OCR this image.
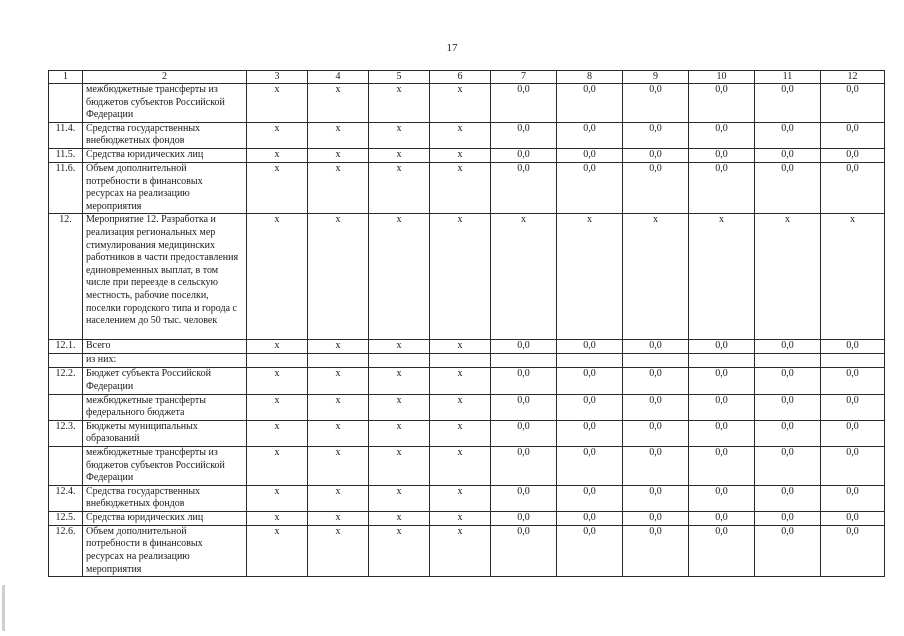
17
1	2	3	4	5	6	7	8	9	10	11	12
	межбюджетные трансферты из бюджетов субъектов Российской Федерации	x	x	x	x	0,0	0,0	0,0	0,0	0,0	0,0
11.4.	Средства государственных внебюджетных фондов	x	x	x	x	0,0	0,0	0,0	0,0	0,0	0,0
11.5.	Средства юридических лиц	x	x	x	x	0,0	0,0	0,0	0,0	0,0	0,0
11.6.	Объем дополнительной потребности в финансовых ресурсах на реализацию мероприятия	x	x	x	x	0,0	0,0	0,0	0,0	0,0	0,0
12.	Мероприятие 12. Разработка и реализация региональных мер стимулирования медицинских работников в части предоставления единовременных выплат, в том числе при переезде в сельскую местность, рабочие поселки, поселки городского типа и города с населением до 50 тыс. человек	x	x	x	x	x	x	x	x	x	x
12.1.	Всего	x	x	x	x	0,0	0,0	0,0	0,0	0,0	0,0
	из них:										
12.2.	Бюджет субъекта Российской Федерации	x	x	x	x	0,0	0,0	0,0	0,0	0,0	0,0
	межбюджетные трансферты федерального бюджета	x	x	x	x	0,0	0,0	0,0	0,0	0,0	0,0
12.3.	Бюджеты муниципальных образований	x	x	x	x	0,0	0,0	0,0	0,0	0,0	0,0
	межбюджетные трансферты из бюджетов субъектов Российской Федерации	x	x	x	x	0,0	0,0	0,0	0,0	0,0	0,0
12.4.	Средства государственных внебюджетных фондов	x	x	x	x	0,0	0,0	0,0	0,0	0,0	0,0
12.5.	Средства юридических лиц	x	x	x	x	0,0	0,0	0,0	0,0	0,0	0,0
12.6.	Объем дополнительной потребности в финансовых ресурсах на реализацию мероприятия	x	x	x	x	0,0	0,0	0,0	0,0	0,0	0,0
